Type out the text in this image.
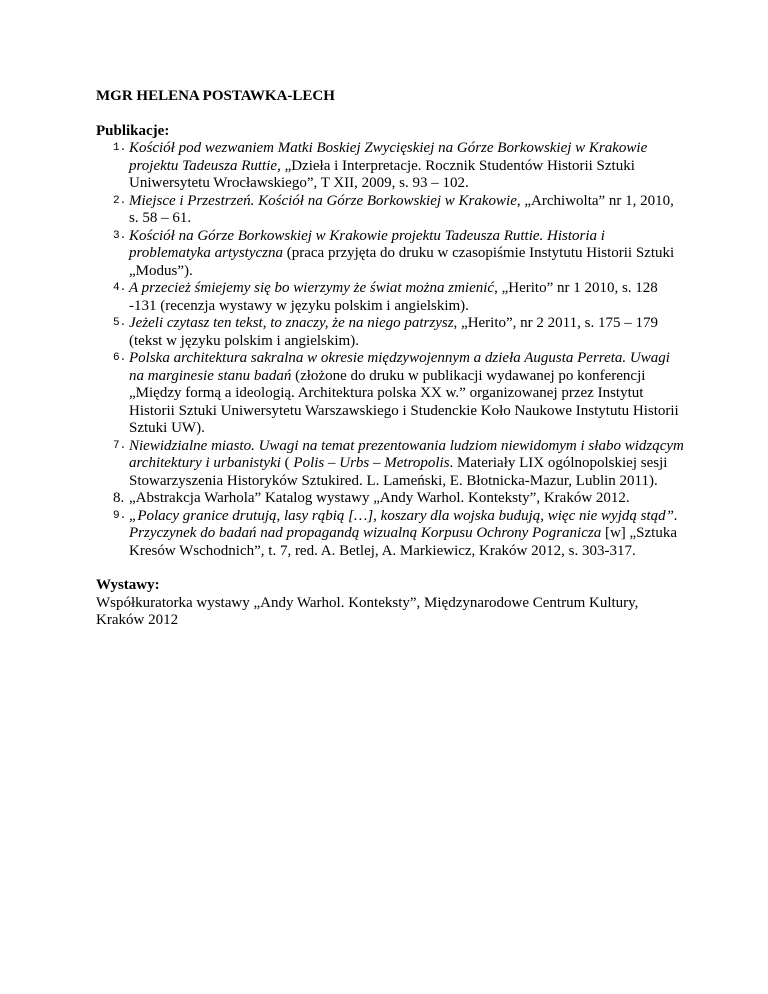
MGR HELENA POSTAWKA-LECH
Publikacje:
1. Kościół pod wezwaniem Matki Boskiej Zwycięskiej na Górze Borkowskiej w Krakowie projektu Tadeusza Ruttie, „Dzieła i Interpretacje. Rocznik Studentów Historii Sztuki Uniwersytetu Wrocławskiego”, T XII, 2009, s. 93 – 102.
2. Miejsce i Przestrzeń. Kościół na Górze Borkowskiej w Krakowie, „Archiwolta” nr 1, 2010, s. 58 – 61.
3. Kościół na Górze Borkowskiej w Krakowie projektu Tadeusza Ruttie. Historia i problematyka artystyczna (praca przyjęta do druku w czasopiśmie Instytutu Historii Sztuki „Modus”).
4. A przecież śmiejemy się bo wierzymy że świat można zmienić, „Herito” nr 1 2010, s. 128 -131 (recenzja wystawy w języku polskim i angielskim).
5. Jeżeli czytasz ten tekst, to znaczy, że na niego patrzysz, „Herito”, nr 2 2011, s. 175 – 179 (tekst w języku polskim i angielskim).
6. Polska architektura sakralna w okresie międzywojennym a dzieła Augusta Perreta. Uwagi na marginesie stanu badań (złożone do druku w publikacji wydawanej po konferencji „Między formą a ideologią. Architektura polska XX w.” organizowanej przez Instytut Historii Sztuki Uniwersytetu Warszawskiego i Studenckie Koło Naukowe Instytutu Historii Sztuki UW).
7. Niewidzialne miasto. Uwagi na temat prezentowania ludziom niewidomym i słabo widzącym architektury i urbanistyki ( Polis – Urbs – Metropolis. Materiały LIX ogólnopolskiej sesji Stowarzyszenia Historyków Sztukired. L. Lameński, E. Błotnicka-Mazur, Lublin 2011).
8. „Abstrakcja Warhola” Katalog wystawy „Andy Warhol. Konteksty”, Kraków 2012.
9. „Polacy granice drutują, lasy rąbią […], koszary dla wojska budują, więc nie wyjdą stąd”. Przyczynek do badań nad propagandą wizualną Korpusu Ochrony Pogranicza [w] „Sztuka Kresów Wschodnich”, t. 7, red. A. Betlej, A. Markiewicz, Kraków 2012, s. 303-317.
Wystawy:
Współkuratorka wystawy „Andy Warhol. Konteksty”, Międzynarodowe Centrum Kultury, Kraków 2012
